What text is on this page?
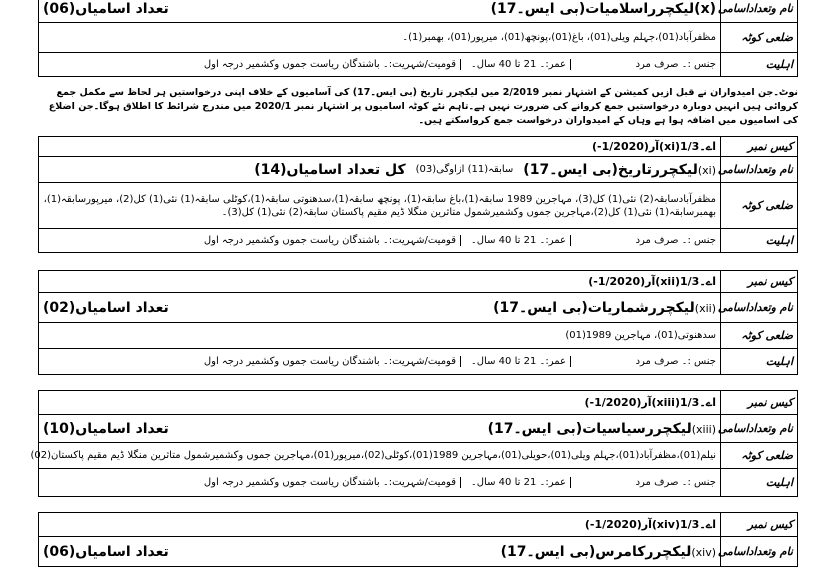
نام وتعداداسامی	(x)لیکچرراسلامیات(بی ایس۔17)
تعداد اسامیاں(06)

ضلعی کوٹہ	مظفرآباد(01)،جہلم ویلی(01)، باغ(01)،پونچھ(01)، میرپور(01)، بھمبر(1)۔
اہلیت	جنس :۔ صرف مرد
عمر:۔ 21 تا 40 سال۔
قومیت/شہریت:۔ باشندگان ریاست جموں وکشمیر درجہ اول
نوٹ۔جن امیدواران نے قبل ازیں کمیشن کے اشتہار نمبر 2/2019 میں لیکچرر تاریخ (بی ایس۔17) کی آسامیوں کے خلاف اپنی درخواستیں ہر لحاظ سے مکمل جمع کروائی ہیں انہیں دوبارہ درخواستیں جمع کروانے کی ضرورت نہیں ہے۔تاہم نئے کوٹہ اسامیوں پر اشتہار نمبر 2020/1 میں مندرج شرائط کا اطلاق ہوگا۔جن اضلاع کی اسامیوں میں اضافہ ہوا ہے وہاں کے امیدواران درخواست جمع کرواسکتے ہیں۔
کیس نمبر	اے۔1/3(xi)آر(1/2020-)
نام وتعداداسامی	(xi)لیکچررتاریخ(بی ایس۔17)
سابقہ(11) ازاوگی(03)
کل تعداد اسامیاں(14)

ضلعی کوٹہ	مظفرآبادسابقہ(2) نئی(1) کل(3)، مہاجرین 1989 سابقہ(1)،باغ سابقہ(1)، پونچھ سابقہ(1)،سدھنوتی سابقہ(1)،کوٹلی سابقہ(1) نئی(1) کل(2)، میرپورسابقہ(1)، بھمبرسابقہ(1) نئی(1) کل(2)،مہاجرین جموں وکشمیرشمول متاثرین منگلا ڈیم مقیم پاکستان سابقہ(2) نئی(1) کل(3)۔
اہلیت	جنس :۔ صرف مرد
عمر:۔ 21 تا 40 سال۔
قومیت/شہریت:۔ باشندگان ریاست جموں وکشمیر درجہ اول
کیس نمبر	اے۔1/3(xii)آر(1/2020-)
نام وتعداداسامی	(xii)لیکچررشماریات(بی ایس۔17)
تعداد اسامیاں(02)

ضلعی کوٹہ	سدھنوتی(01)، مہاجرین 1989(01)
اہلیت	جنس :۔ صرف مرد
عمر:۔ 21 تا 40 سال۔
قومیت/شہریت:۔ باشندگان ریاست جموں وکشمیر درجہ اول
کیس نمبر	اے۔1/3(xiii)آر(1/2020-)
نام وتعداداسامی	(xiii)لیکچررسیاسیات(بی ایس۔17)
تعداد اسامیاں(10)

ضلعی کوٹہ	نیلم(01)،مظفرآباد(01)،جہلم ویلی(01)،حویلی(01)،مہاجرین 1989(01)،کوٹلی(02)،میرپور(01)،مہاجرین جموں وکشمیرشمول متاثرین منگلا ڈیم مقیم پاکستان(02)
اہلیت	جنس :۔ صرف مرد
عمر:۔ 21 تا 40 سال۔
قومیت/شہریت:۔ باشندگان ریاست جموں وکشمیر درجہ اول
کیس نمبر	اے۔1/3(xiv)آر(1/2020-)
نام وتعداداسامی	(xiv)لیکچررکامرس(بی ایس۔17)
تعداد اسامیاں(06)
